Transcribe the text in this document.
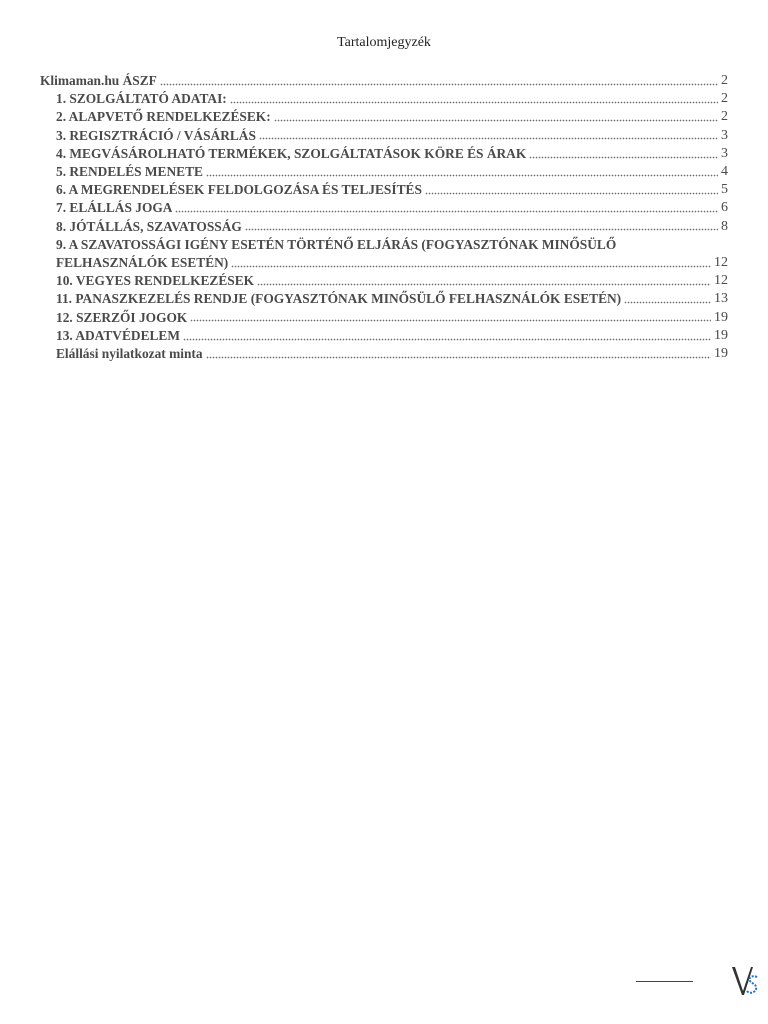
Tartalomjegyzék
Klimaman.hu ÁSZF	2
1. SZOLGÁLTATÓ ADATAI:	2
2. ALAPVETŐ RENDELKEZÉSEK:	2
3. REGISZTRÁCIÓ / VÁSÁRLÁS	3
4. MEGVÁSÁROLHATÓ TERMÉKEK, SZOLGÁLTATÁSOK KÖRE ÉS ÁRAK	3
5. RENDELÉS MENETE	4
6. A MEGRENDELÉSEK FELDOLGOZÁSA ÉS TELJESÍTÉS	5
7. ELÁLLÁS JOGA	6
8. JÓTÁLLÁS, SZAVATOSSÁG	8
9. A SZAVATOSSÁGI IGÉNY ESETÉN TÖRTÉNŐ ELJÁRÁS (FOGYASZTÓNAK MINŐSÜLŐ
FELHASZNÁLÓK ESETÉN)	12
10. VEGYES RENDELKEZÉSEK	12
11. PANASZKEZELÉS RENDJE (FOGYASZTÓNAK MINŐSÜLŐ FELHASZNÁLÓK ESETÉN)	13
12. SZERZŐI JOGOK	19
13. ADATVÉDELEM	19
Elállási nyilatkozat minta	19
